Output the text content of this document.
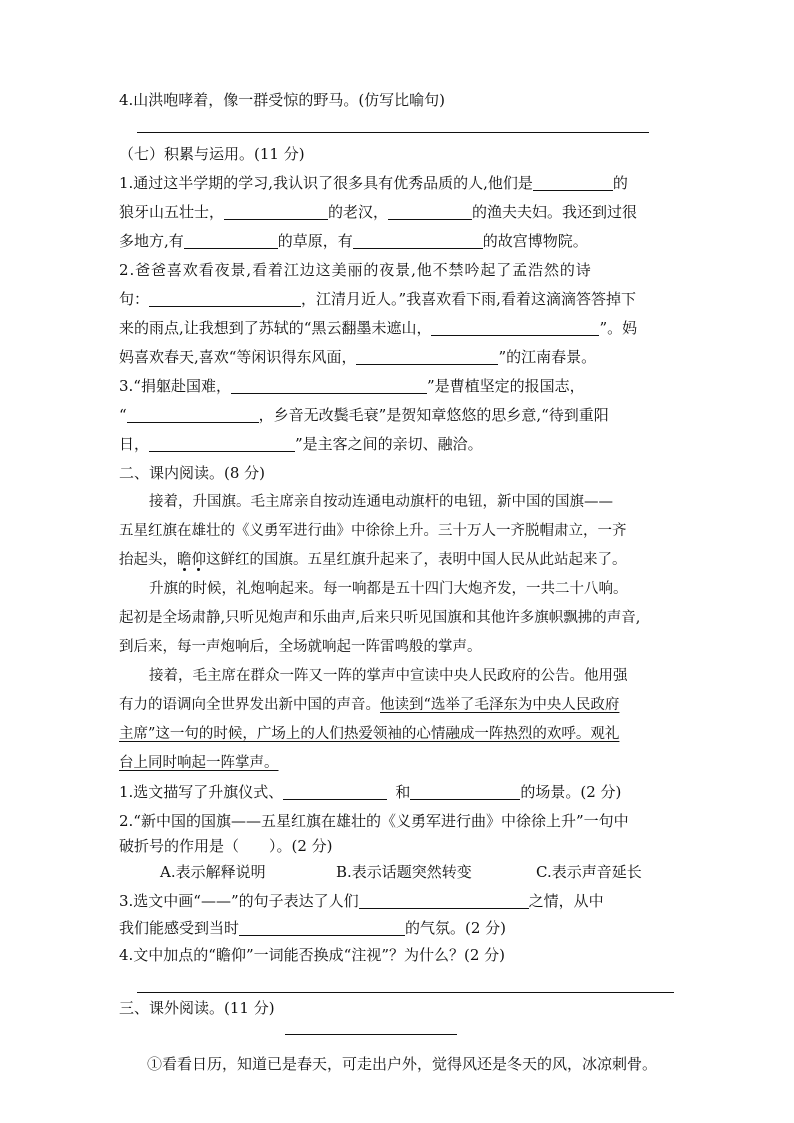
4.山洪咆哮着，像一群受惊的野马。(仿写比喻句)
（七）积累与运用。(11 分)
1.通过这半学期的学习,我认识了很多具有优秀品质的人,他们是	的
狼牙山五壮士，	的老汉，	的渔夫夫妇。我还到过很
多地方,有	的草原，有	的故宫博物院。
2.爸爸喜欢看夜景,看着江边这美丽的夜景,他不禁吟起了孟浩然的诗
句：	，江清月近人。”我喜欢看下雨,看着这滴滴答答掉下
来的雨点,让我想到了苏轼的“黑云翻墨未遮山，	”。妈
妈喜欢春天,喜欢“等闲识得东风面，	”的江南春景。
3.“捐躯赴国难，	”是曹植坚定的报国志，
“	，乡音无改鬓毛衰”是贺知章悠悠的思乡意,“待到重阳
日，	”是主客之间的亲切、融洽。
二、课内阅读。(8 分)
接着，升国旗。毛主席亲自按动连通电动旗杆的电钮，新中国的国旗——
五星红旗在雄壮的《义勇军进行曲》中徐徐上升。三十万人一齐脱帽肃立，一齐
抬起头，瞻
仰
这鲜红的国旗。五星红旗升起来了，表明中国人民从此站起来了。
升旗的时候，礼炮响起来。每一响都是五十四门大炮齐发，一共二十八响。
起初是全场肃静,只听见炮声和乐曲声,后来只听见国旗和其他许多旗帜飘拂的声音,
到后来，每一声炮响后，全场就响起一阵雷鸣般的掌声。
接着，毛主席在群众一阵又一阵的掌声中宣读中央人民政府的公告。他用强
有力的语调向全世界发出新中国的声音。他读到“选举了毛泽东为中央人民政府
主席”这一句的时候，广场上的人们热爱领袖的心情融成一阵热烈的欢呼。观礼
台上同时响起一阵掌声。
1.选文描写了升旗仪式、	和	的场景。(2 分)
2.“新中国的国旗——五星红旗在雄壮的《义勇军进行曲》中徐徐上升”一句中
破折号的作用是（　　）。(2 分)
A.表示解释说明	B.表示话题突然转变	C.表示声音延长
3.选文中画“——”的句子表达了人们	之情，从中
我们能感受到当时	的气氛。(2 分)
4.文中加点的“瞻仰”一词能否换成“注视”？为什么？(2 分)
三、课外阅读。(11 分)
①看看日历，知道已是春天，可走出户外，觉得风还是冬天的风，冰凉刺骨。
